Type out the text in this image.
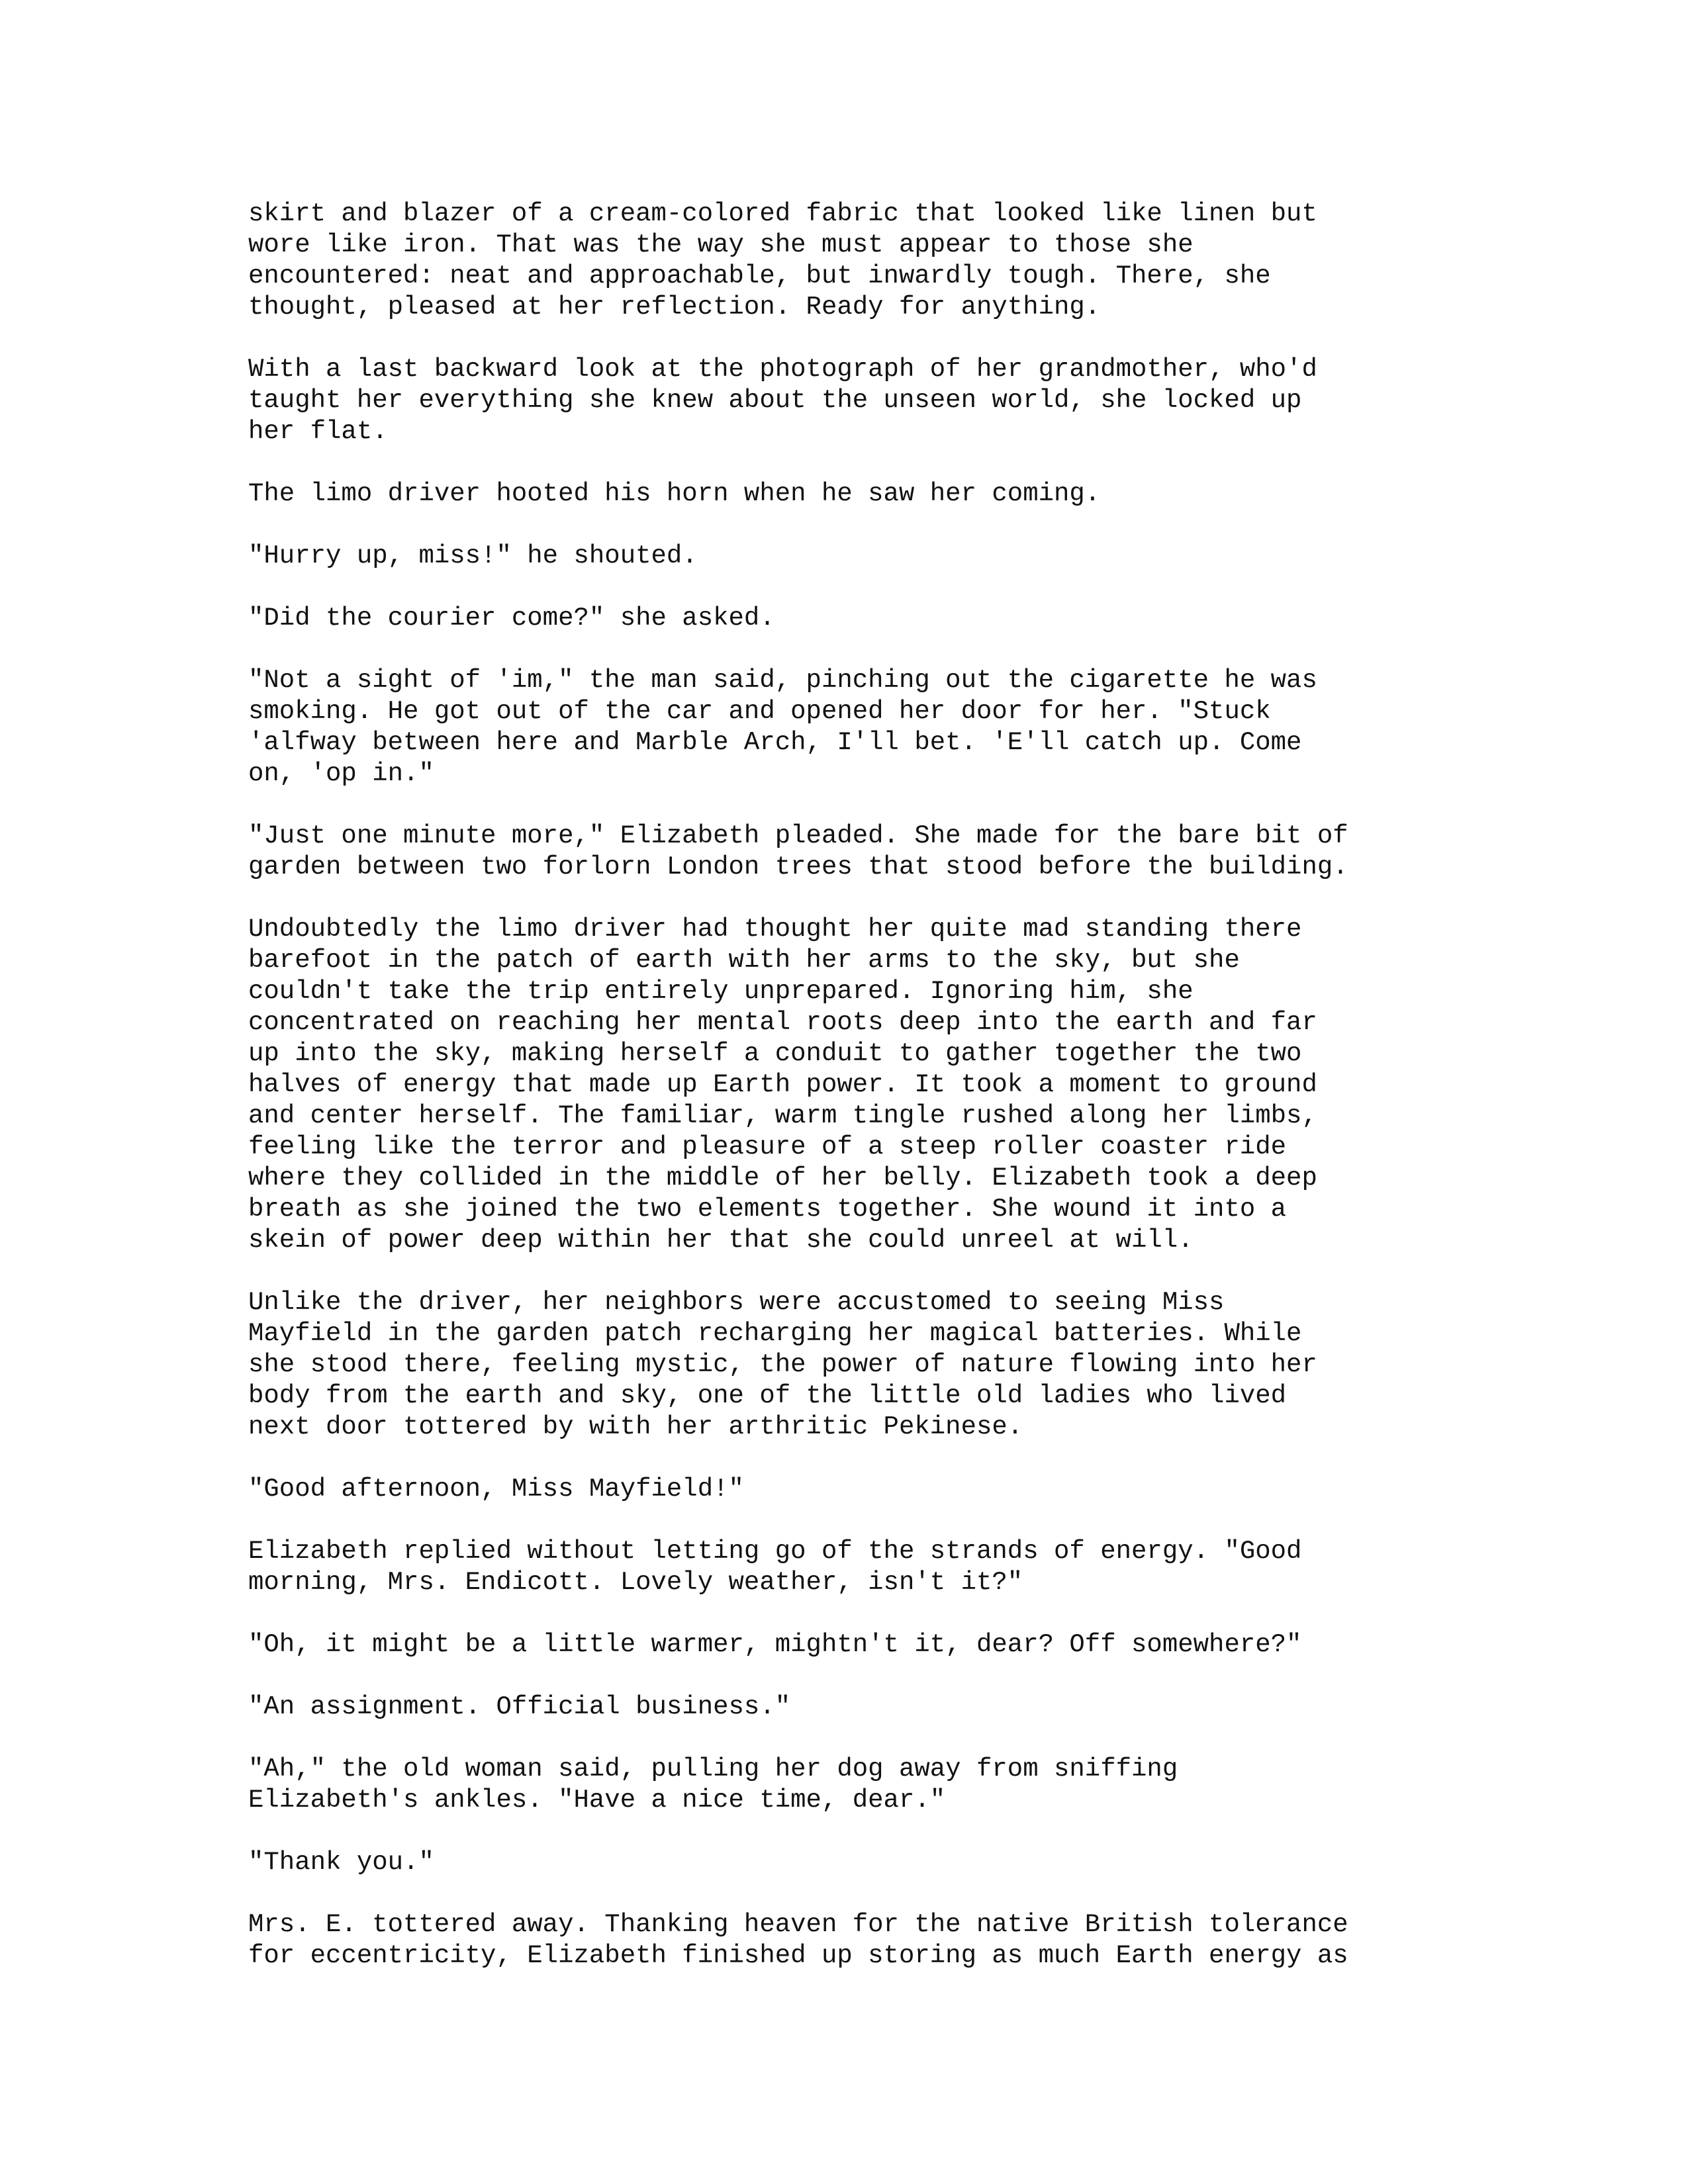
skirt and blazer of a cream-colored fabric that looked like linen but
wore like iron. That was the way she must appear to those she
encountered: neat and approachable, but inwardly tough. There, she
thought, pleased at her reflection. Ready for anything.
With a last backward look at the photograph of her grandmother, who'd
taught her everything she knew about the unseen world, she locked up
her flat.
The limo driver hooted his horn when he saw her coming.
"Hurry up, miss!" he shouted.
"Did the courier come?" she asked.
"Not a sight of 'im," the man said, pinching out the cigarette he was
smoking. He got out of the car and opened her door for her. "Stuck
'alfway between here and Marble Arch, I'll bet. 'E'll catch up. Come
on, 'op in."
"Just one minute more," Elizabeth pleaded. She made for the bare bit of
garden between two forlorn London trees that stood before the building.
Undoubtedly the limo driver had thought her quite mad standing there
barefoot in the patch of earth with her arms to the sky, but she
couldn't take the trip entirely unprepared. Ignoring him, she
concentrated on reaching her mental roots deep into the earth and far
up into the sky, making herself a conduit to gather together the two
halves of energy that made up Earth power. It took a moment to ground
and center herself. The familiar, warm tingle rushed along her limbs,
feeling like the terror and pleasure of a steep roller coaster ride
where they collided in the middle of her belly. Elizabeth took a deep
breath as she joined the two elements together. She wound it into a
skein of power deep within her that she could unreel at will.
Unlike the driver, her neighbors were accustomed to seeing Miss
Mayfield in the garden patch recharging her magical batteries. While
she stood there, feeling mystic, the power of nature flowing into her
body from the earth and sky, one of the little old ladies who lived
next door tottered by with her arthritic Pekinese.
"Good afternoon, Miss Mayfield!"
Elizabeth replied without letting go of the strands of energy. "Good
morning, Mrs. Endicott. Lovely weather, isn't it?"
"Oh, it might be a little warmer, mightn't it, dear? Off somewhere?"
"An assignment. Official business."
"Ah," the old woman said, pulling her dog away from sniffing
Elizabeth's ankles. "Have a nice time, dear."
"Thank you."
Mrs. E. tottered away. Thanking heaven for the native British tolerance
for eccentricity, Elizabeth finished up storing as much Earth energy as
